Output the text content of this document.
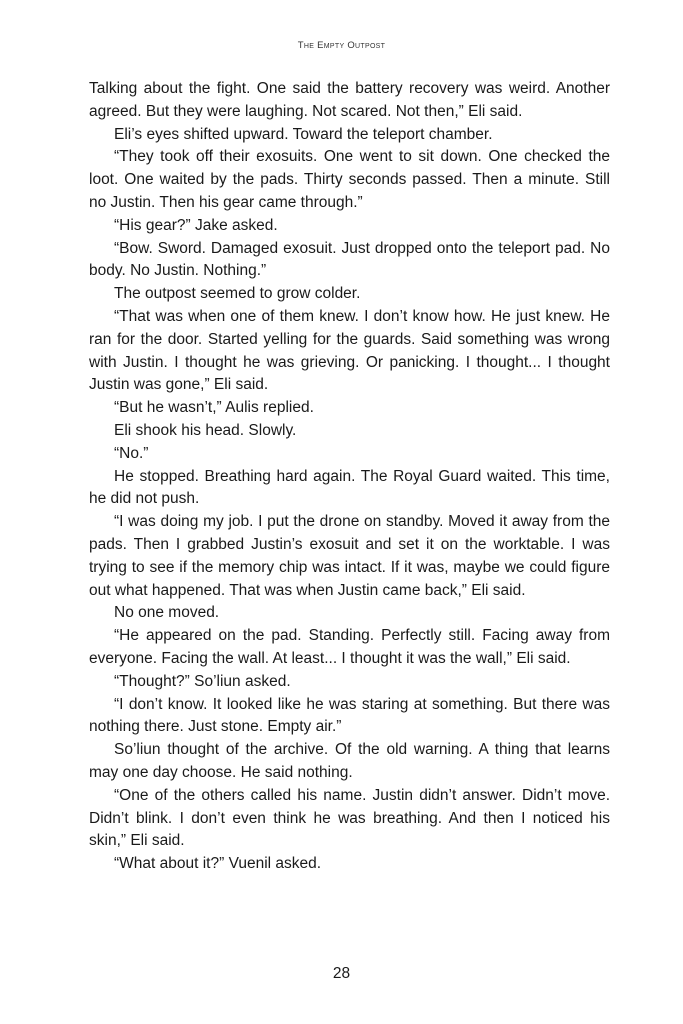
The Empty Outpost

Talking about the fight. One said the battery recovery was weird. Another agreed. But they were laughing. Not scared. Not then,” Eli said.

Eli’s eyes shifted upward. Toward the teleport chamber.

“They took off their exosuits. One went to sit down. One checked the loot. One waited by the pads. Thirty seconds passed. Then a minute. Still no Justin. Then his gear came through.”

“His gear?” Jake asked.

“Bow. Sword. Damaged exosuit. Just dropped onto the teleport pad. No body. No Justin. Nothing.”

The outpost seemed to grow colder.

“That was when one of them knew. I don’t know how. He just knew. He ran for the door. Started yelling for the guards. Said something was wrong with Justin. I thought he was grieving. Or panicking. I thought... I thought Justin was gone,” Eli said.

“But he wasn’t,” Aulis replied.

Eli shook his head. Slowly.

“No.”

He stopped. Breathing hard again. The Royal Guard waited. This time, he did not push.

“I was doing my job. I put the drone on standby. Moved it away from the pads. Then I grabbed Justin’s exosuit and set it on the worktable. I was trying to see if the memory chip was intact. If it was, maybe we could figure out what happened. That was when Justin came back,” Eli said.

No one moved.

“He appeared on the pad. Standing. Perfectly still. Facing away from everyone. Facing the wall. At least... I thought it was the wall,” Eli said.

“Thought?” So’liun asked.

“I don’t know. It looked like he was staring at something. But there was nothing there. Just stone. Empty air.”

So’liun thought of the archive. Of the old warning. A thing that learns may one day choose. He said nothing.

“One of the others called his name. Justin didn’t answer. Didn’t move. Didn’t blink. I don’t even think he was breathing. And then I noticed his skin,” Eli said.

“What about it?” Vuenil asked.

28
